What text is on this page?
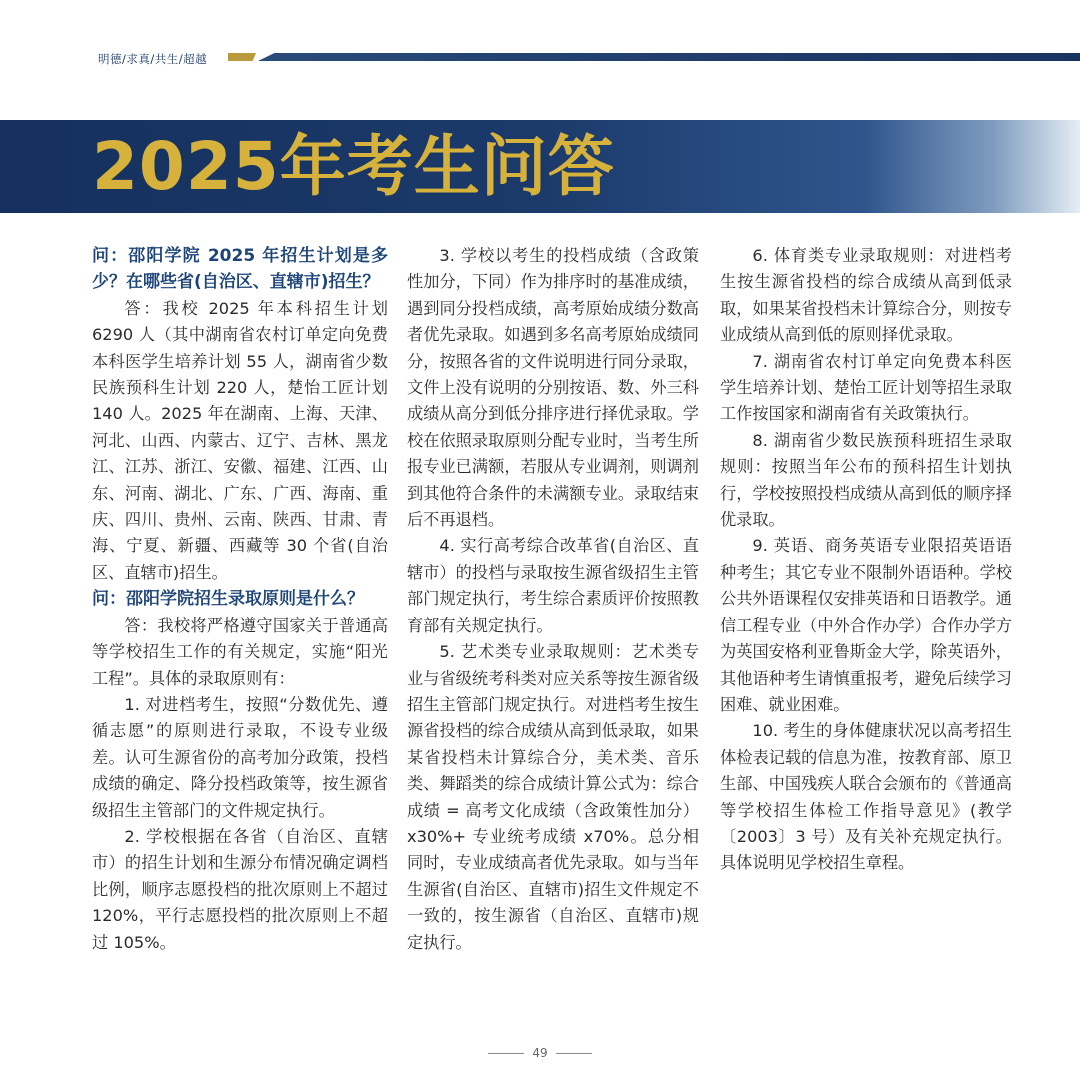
明德/求真/共生/超越
2025年考生问答

问：邵阳学院 2025 年招生计划是多少？在哪些省(自治区、直辖市)招生？

答：我校 2025 年本科招生计划 6290 人（其中湖南省农村订单定向免费本科医学生培养计划 55 人，湖南省少数民族预科生计划 220 人，楚怡工匠计划 140 人。2025 年在湖南、上海、天津、河北、山西、内蒙古、辽宁、吉林、黑龙江、江苏、浙江、安徽、福建、江西、山东、河南、湖北、广东、广西、海南、重庆、四川、贵州、云南、陕西、甘肃、青海、宁夏、新疆、西藏等 30 个省(自治区、直辖市)招生。

问：邵阳学院招生录取原则是什么？

答：我校将严格遵守国家关于普通高等学校招生工作的有关规定，实施“阳光工程”。具体的录取原则有：

1. 对进档考生，按照“分数优先、遵循志愿”的原则进行录取，不设专业级差。认可生源省份的高考加分政策，投档成绩的确定、降分投档政策等，按生源省级招生主管部门的文件规定执行。

2. 学校根据在各省（自治区、直辖市）的招生计划和生源分布情况确定调档比例，顺序志愿投档的批次原则上不超过 120%，平行志愿投档的批次原则上不超过 105%。

3. 学校以考生的投档成绩（含政策性加分，下同）作为排序时的基准成绩，遇到同分投档成绩，高考原始成绩分数高者优先录取。如遇到多名高考原始成绩同分，按照各省的文件说明进行同分录取，文件上没有说明的分别按语、数、外三科成绩从高分到低分排序进行择优录取。学校在依照录取原则分配专业时，当考生所报专业已满额，若服从专业调剂，则调剂到其他符合条件的未满额专业。录取结束后不再退档。

4. 实行高考综合改革省(自治区、直辖市）的投档与录取按生源省级招生主管部门规定执行，考生综合素质评价按照教育部有关规定执行。

5. 艺术类专业录取规则：艺术类专业与省级统考科类对应关系等按生源省级招生主管部门规定执行。对进档考生按生源省投档的综合成绩从高到低录取，如果某省投档未计算综合分，美术类、音乐类、舞蹈类的综合成绩计算公式为：综合成绩 = 高考文化成绩（含政策性加分）x30%+ 专业统考成绩 x70%。总分相同时，专业成绩高者优先录取。如与当年生源省(自治区、直辖市)招生文件规定不一致的，按生源省（自治区、直辖市)规定执行。

6. 体育类专业录取规则：对进档考生按生源省投档的综合成绩从高到低录取，如果某省投档未计算综合分，则按专业成绩从高到低的原则择优录取。

7. 湖南省农村订单定向免费本科医学生培养计划、楚怡工匠计划等招生录取工作按国家和湖南省有关政策执行。

8. 湖南省少数民族预科班招生录取规则：按照当年公布的预科招生计划执行，学校按照投档成绩从高到低的顺序择优录取。

9. 英语、商务英语专业限招英语语种考生；其它专业不限制外语语种。学校公共外语课程仅安排英语和日语教学。通信工程专业（中外合作办学）合作办学方为英国安格利亚鲁斯金大学，除英语外，其他语种考生请慎重报考，避免后续学习困难、就业困难。

10. 考生的身体健康状况以高考招生体检表记载的信息为准，按教育部、原卫生部、中国残疾人联合会颁布的《普通高等学校招生体检工作指导意见》(教学〔2003〕3 号）及有关补充规定执行。具体说明见学校招生章程。

49
